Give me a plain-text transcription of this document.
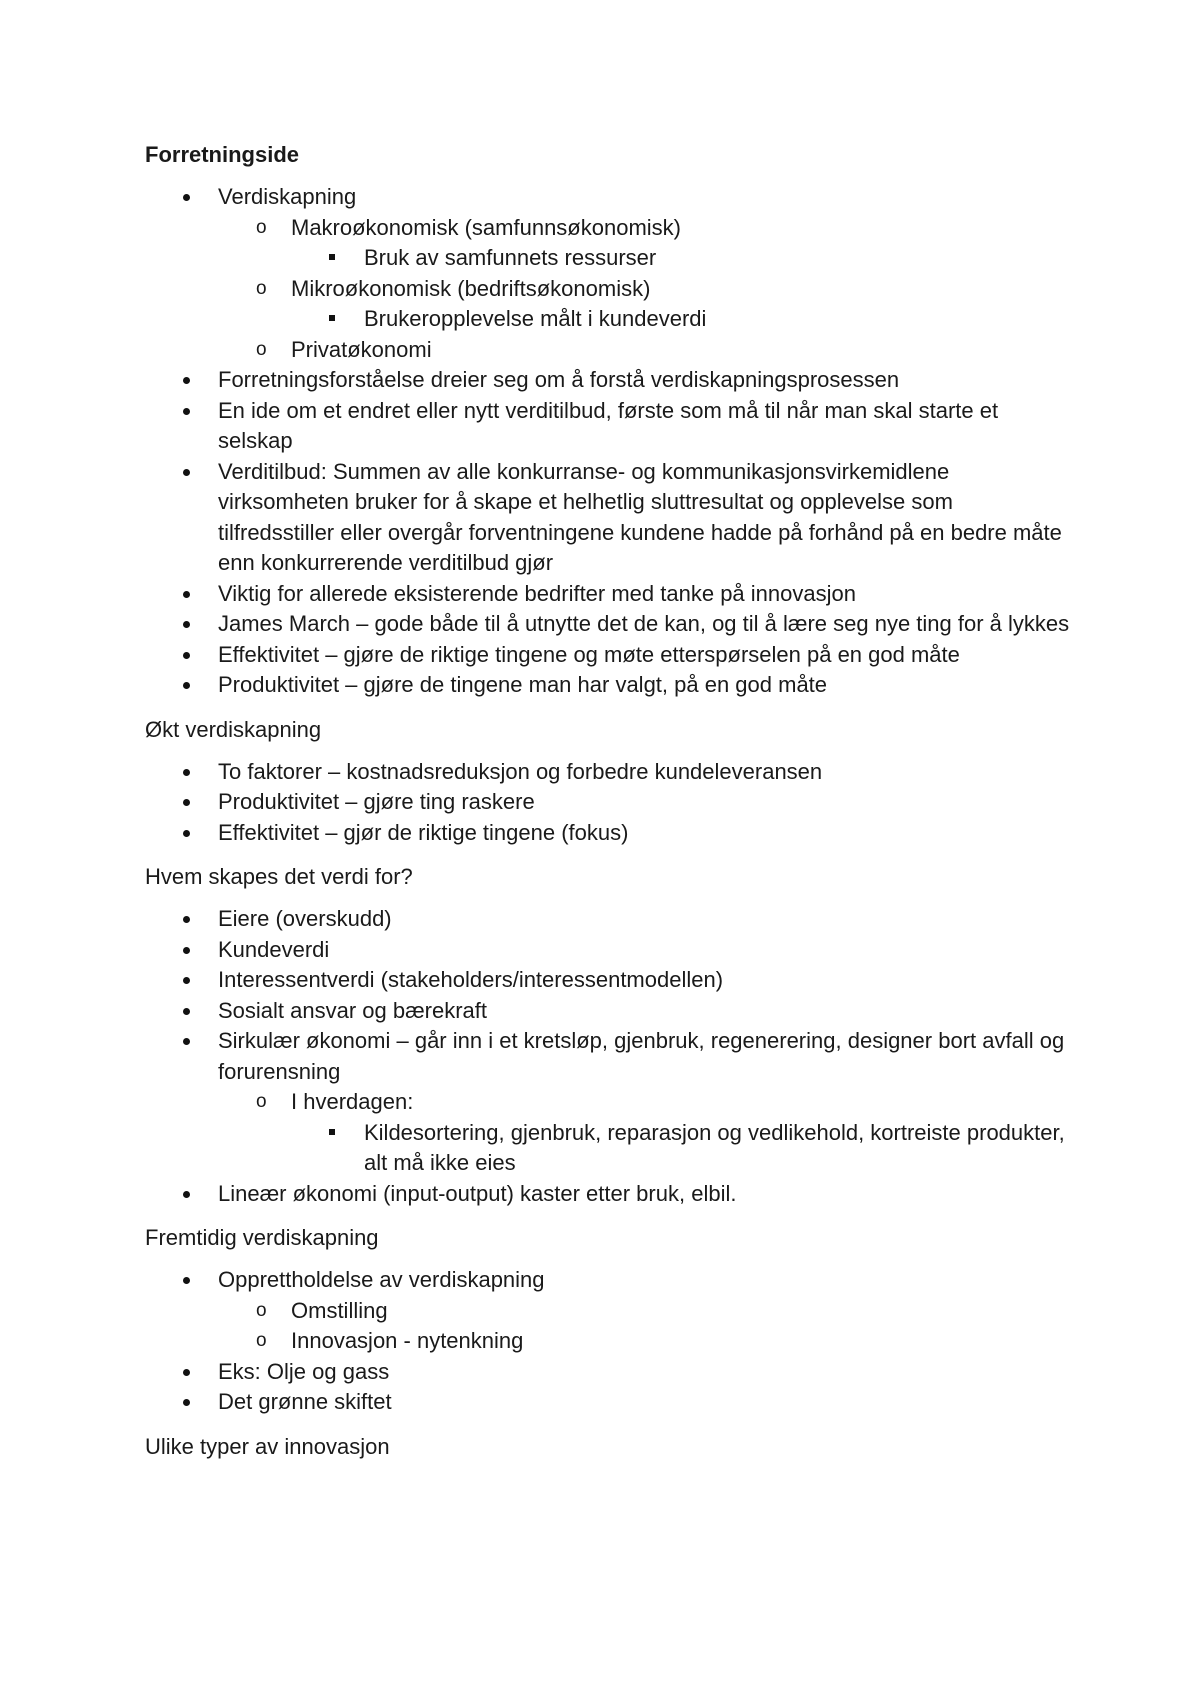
Forretningside
Verdiskapning
o Makroøkonomisk (samfunnsøkonomisk)
Bruk av samfunnets ressurser
o Mikroøkonomisk (bedriftsøkonomisk)
Brukeropplevelse målt i kundeverdi
o Privatøkonomi
Forretningsforståelse dreier seg om å forstå verdiskapningsprosessen
En ide om et endret eller nytt verditilbud, første som må til når man skal starte et selskap
Verditilbud: Summen av alle konkurranse- og kommunikasjonsvirkemidlene virksomheten bruker for å skape et helhetlig sluttresultat og opplevelse som tilfredsstiller eller overgår forventningene kundene hadde på forhånd på en bedre måte enn konkurrerende verditilbud gjør
Viktig for allerede eksisterende bedrifter med tanke på innovasjon
James March – gode både til å utnytte det de kan, og til å lære seg nye ting for å lykkes
Effektivitet – gjøre de riktige tingene og møte etterspørselen på en god måte
Produktivitet – gjøre de tingene man har valgt, på en god måte
Økt verdiskapning
To faktorer – kostnadsreduksjon og forbedre kundeleveransen
Produktivitet – gjøre ting raskere
Effektivitet – gjør de riktige tingene (fokus)
Hvem skapes det verdi for?
Eiere (overskudd)
Kundeverdi
Interessentverdi (stakeholders/interessentmodellen)
Sosialt ansvar og bærekraft
Sirkulær økonomi – går inn i et kretsløp, gjenbruk, regenerering, designer bort avfall og forurensning
o I hverdagen:
Kildesortering, gjenbruk, reparasjon og vedlikehold, kortreiste produkter, alt må ikke eies
Lineær økonomi (input-output) kaster etter bruk, elbil.
Fremtidig verdiskapning
Opprettholdelse av verdiskapning
o Omstilling
o Innovasjon - nytenkning
Eks: Olje og gass
Det grønne skiftet
Ulike typer av innovasjon
